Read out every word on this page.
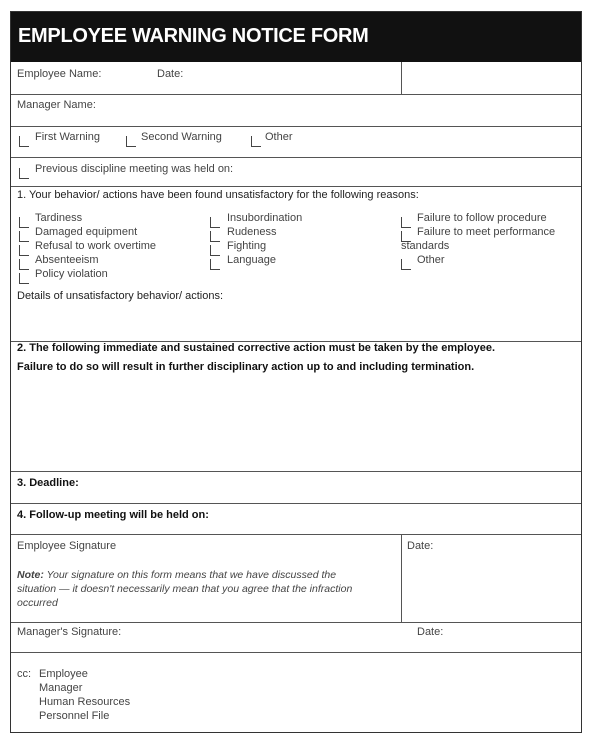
EMPLOYEE WARNING NOTICE FORM
Employee Name:	Date:
Manager Name:
First Warning	Second Warning	Other
Previous discipline meeting was held on:
1. Your behavior/ actions have been found unsatisfactory for the following reasons:
Tardiness
Damaged equipment
Refusal to work overtime
Absenteeism
Policy violation
Insubordination
Rudeness
Fighting
Language
Failure to follow procedure
Failure to meet performance
standards
Other
Details of unsatisfactory behavior/ actions:
2. The following immediate and sustained corrective action must be taken by the employee.
Failure to do so will result in further disciplinary action up to and including termination.
3. Deadline:
4. Follow-up meeting will be held on:
Employee Signature	Date:
Note: Your signature on this form means that we have discussed the
situation — it doesn't necessarily mean that you agree that the infraction
occurred
Manager's Signature:	Date:
cc: Employee
Manager
Human Resources
Personnel File
